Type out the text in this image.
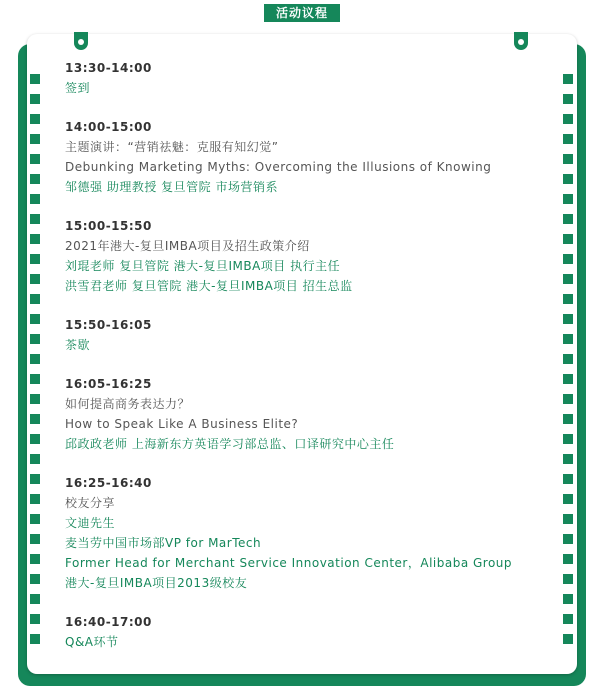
活动议程
13:30-14:00
签到
14:00-15:00
主题演讲：“营销祛魅：克服有知幻觉”
Debunking Marketing Myths: Overcoming the Illusions of Knowing
邹德强 助理教授 复旦管院 市场营销系
15:00-15:50
2021年港大-复旦IMBA项目及招生政策介绍
刘琨老师 复旦管院 港大-复旦IMBA项目 执行主任
洪雪君老师 复旦管院 港大-复旦IMBA项目 招生总监
15:50-16:05
茶歇
16:05-16:25
如何提高商务表达力？
How to Speak Like A Business Elite?
邱政政老师 上海新东方英语学习部总监、口译研究中心主任
16:25-16:40
校友分享
文迪先生
麦当劳中国市场部VP for MarTech
Former Head for Merchant Service Innovation Center，Alibaba Group
港大-复旦IMBA项目2013级校友
16:40-17:00
Q&A环节
